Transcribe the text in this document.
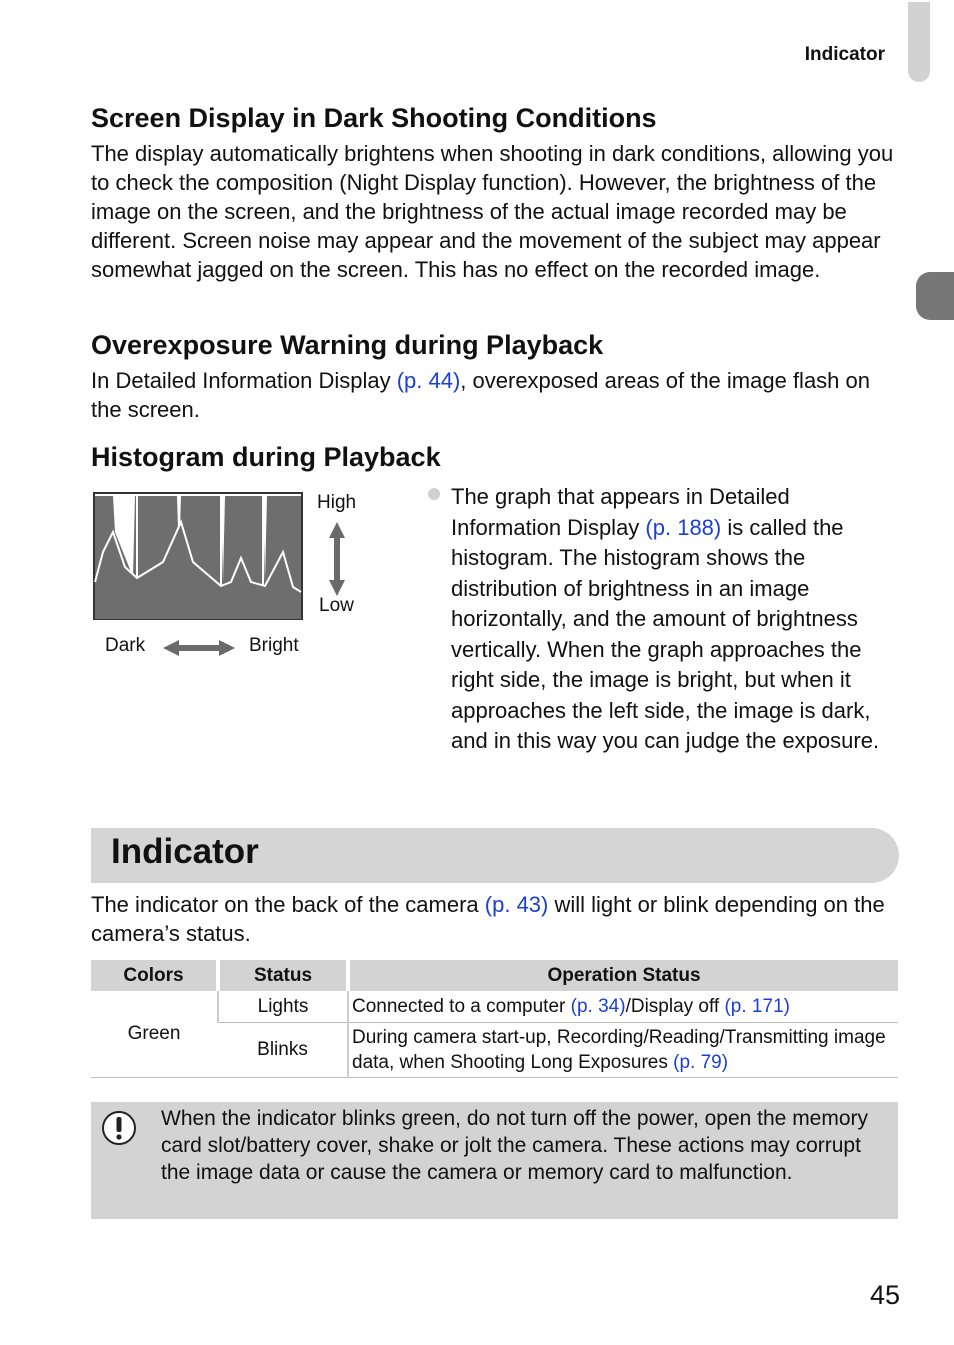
Indicator
Screen Display in Dark Shooting Conditions

The display automatically brightens when shooting in dark conditions, allowing you to check the composition (Night Display function). However, the brightness of the image on the screen, and the brightness of the actual image recorded may be different. Screen noise may appear and the movement of the subject may appear somewhat jagged on the screen. This has no effect on the recorded image.

Overexposure Warning during Playback

In Detailed Information Display (p. 44), overexposed areas of the image flash on the screen.

Histogram during Playback
High
Low
Dark	Bright

The graph that appears in Detailed Information Display (p. 188) is called the histogram. The histogram shows the distribution of brightness in an image horizontally, and the amount of brightness vertically. When the graph approaches the right side, the image is bright, but when it approaches the left side, the image is dark, and in this way you can judge the exposure.

Indicator

The indicator on the back of the camera (p. 43) will light or blink depending on the camera’s status.

Colors	Status	Operation Status
Green	Lights	Connected to a computer (p. 34)/Display off (p. 171)
	Blinks	During camera start-up, Recording/Reading/Transmitting image data, when Shooting Long Exposures (p. 79)

When the indicator blinks green, do not turn off the power, open the memory card slot/battery cover, shake or jolt the camera. These actions may corrupt the image data or cause the camera or memory card to malfunction.

45
